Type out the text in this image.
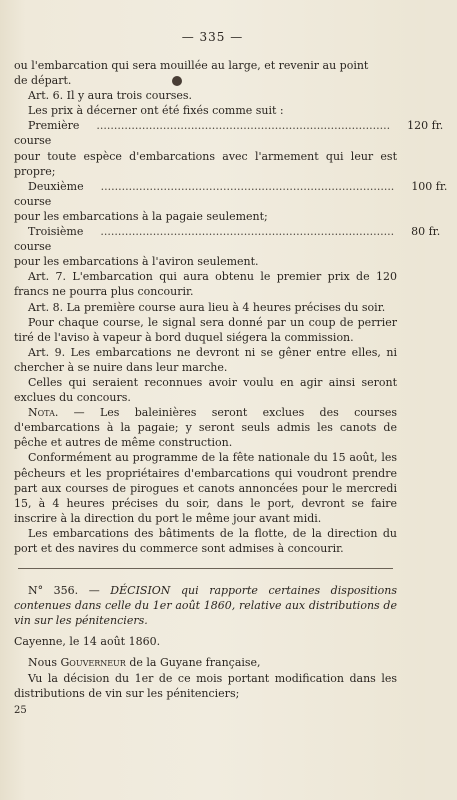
— 335 —

ou l'embarcation qui sera mouillée au large, et revenir au point

de départ.

Art. 6. Il y aura trois courses.

Les prix à décerner ont été fixés comme suit :

Première course
....................................................................................	120 fr.

pour toute espèce d'embarcations avec l'armement qui leur est propre;

Deuxième course
....................................................................................	100 fr.

pour les embarcations à la pagaie seulement;

Troisième course
....................................................................................	80 fr.

pour les embarcations à l'aviron seulement.

Art. 7. L'embarcation qui aura obtenu le premier prix de 120 francs ne pourra plus concourir.

Art. 8. La première course aura lieu à 4 heures précises du soir.

Pour chaque course, le signal sera donné par un coup de perrier tiré de l'aviso à vapeur à bord duquel siégera la commission.

Art. 9. Les embarcations ne devront ni se gêner entre elles, ni chercher à se nuire dans leur marche.

Celles qui seraient reconnues avoir voulu en agir ainsi seront exclues du concours.

Nota. — Les baleinières seront exclues des courses d'embarcations à la pagaie; y seront seuls admis les canots de pêche et autres de même construction.

Conformément au programme de la fête nationale du 15 août, les pêcheurs et les propriétaires d'embarcations qui voudront prendre part aux courses de pirogues et canots annoncées pour le mercredi 15, à 4 heures précises du soir, dans le port, devront se faire inscrire à la direction du port le même jour avant midi.

Les embarcations des bâtiments de la flotte, de la direction du port et des navires du commerce sont admises à concourir.

N° 356. — DÉCISION qui rapporte certaines dispositions contenues dans celle du 1er août 1860, relative aux distributions de vin sur les pénitenciers.

Cayenne, le 14 août 1860.

Nous Gouverneur de la Guyane française,

Vu la décision du 1er de ce mois portant modification dans les distributions de vin sur les pénitenciers;

25
